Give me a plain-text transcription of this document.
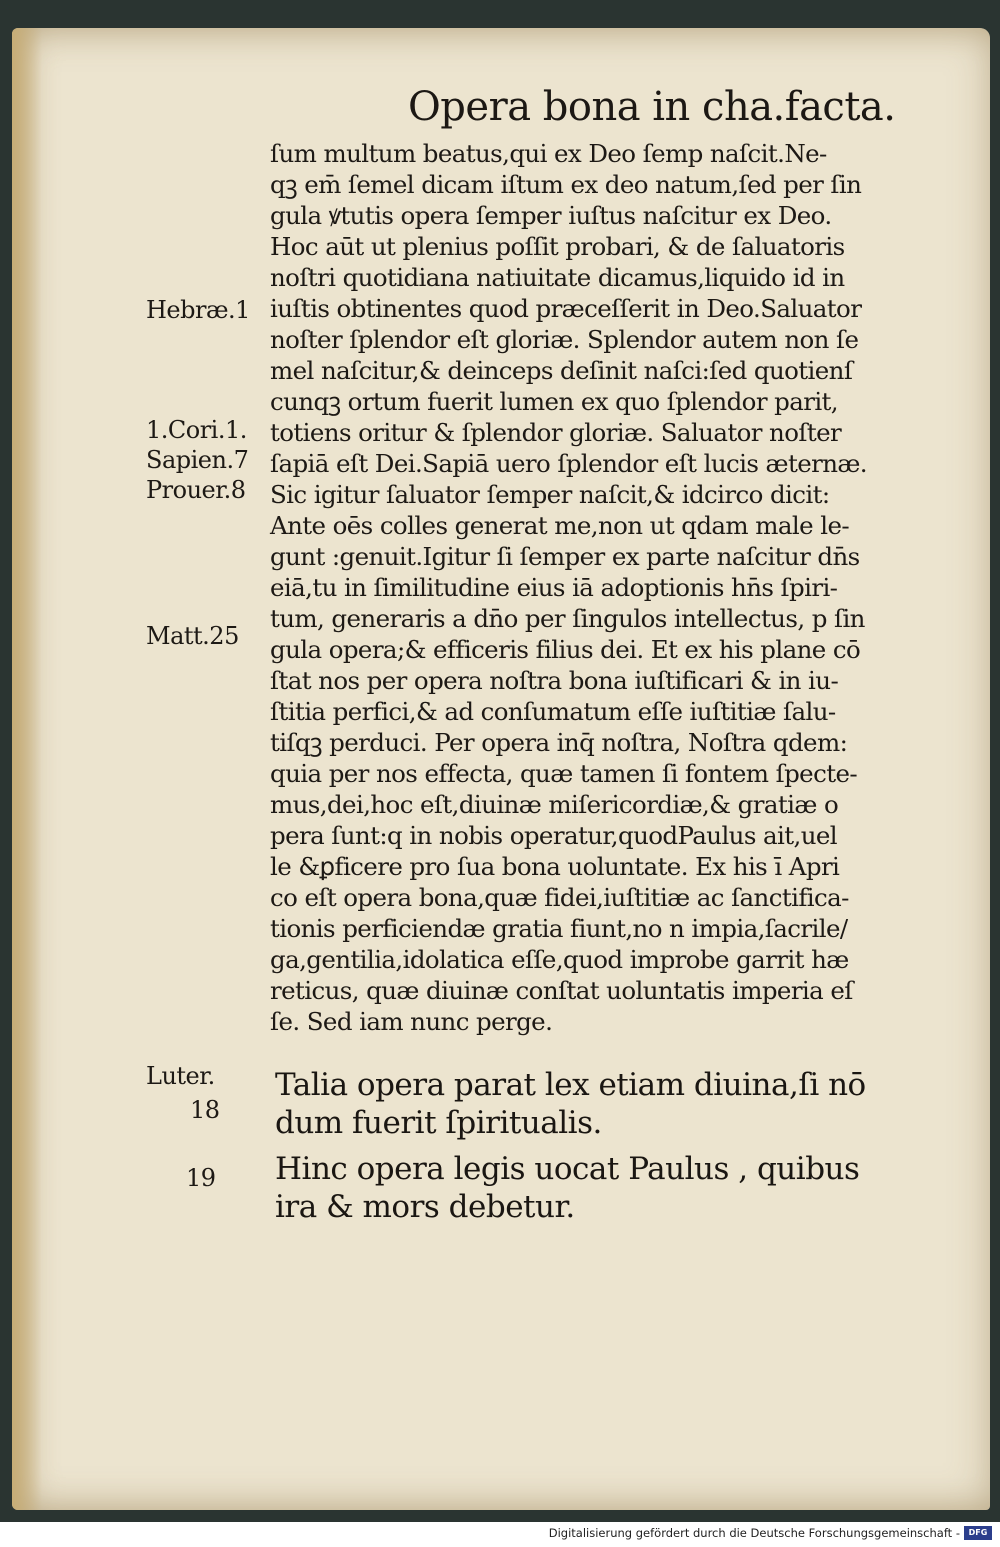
Opera bona in cha.facta.
ſum multum beatus,qui ex Deo ſemp naſcit.Ne-
qꝫ em̄ ſemel dicam iſtum ex deo natum,ſed per ſin
gula ꝟtutis opera ſemper iuſtus naſcitur ex Deo.
Hoc aūt ut plenius poſſit probari, & de ſaluatoris
noſtri quotidiana natiuitate dicamus,liquido id in
iuſtis obtinentes quod præceſſerit in Deo.Saluator
noſter ſplendor eſt gloriæ. Splendor autem non ſe
mel naſcitur,& deinceps deſinit naſci:ſed quotienſ
cunqꝫ ortum fuerit lumen ex quo ſplendor parit,
totiens oritur & ſplendor gloriæ. Saluator noſter
ſapiā eſt Dei.Sapiā uero ſplendor eſt lucis æternæ.
Sic igitur ſaluator ſemper naſcit,& idcirco dicit:
Ante oēs colles generat me,non ut qdam male le-
gunt :genuit.Igitur ſi ſemper ex parte naſcitur dn̄s
eiā,tu in ſimilitudine eius iā adoptionis hn̄s ſpiri-
tum, generaris a dn̄o per ſingulos intellectus, p ſin
gula opera;& efficeris filius dei. Et ex his plane cō
ſtat nos per opera noſtra bona iuſtificari & in iu-
ſtitia perfici,& ad conſumatum eſſe iuſtitiæ ſalu-
tiſqꝫ perduci. Per opera inq̄ noſtra, Noſtra qdem:
quia per nos effecta, quæ tamen ſi fontem ſpecte-
mus,dei,hoc eſt,diuinæ miſericordiæ,& gratiæ o
pera ſunt:q in nobis operatur,quodPaulus ait,uel
le &ꝑficere pro ſua bona uoluntate. Ex his ī Apri
co eſt opera bona,quæ fidei,iuſtitiæ ac ſanctifica-
tionis perficiendæ gratia fiunt,no n impia,ſacrile/
ga,gentilia,idolatica eſſe,quod improbe garrit hæ
reticus, quæ diuinæ conſtat uoluntatis imperia eſ
ſe. Sed iam nunc perge.
Hebræ.1
1.Cori.1.
Sapien.7
Prouer.8
Matt.25
Luter.
18
19
Talia opera parat lex etiam diuina,ſi nō
dum fuerit ſpiritualis.
Hinc opera legis uocat Paulus , quibus
ira & mors debetur.
Digitalisierung gefördert durch die Deutsche Forschungsgemeinschaft -	DFG
